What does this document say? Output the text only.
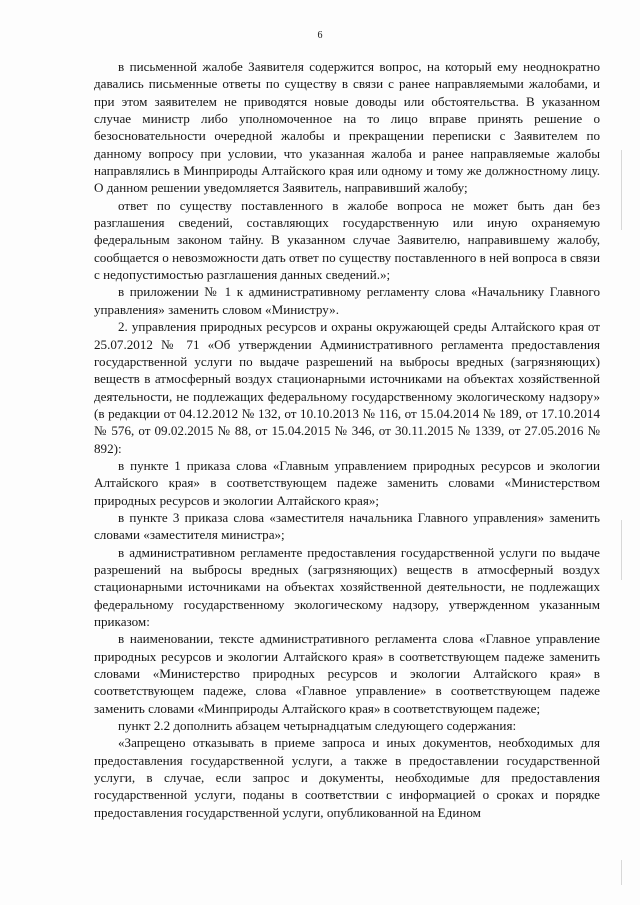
6

в письменной жалобе Заявителя содержится вопрос, на который ему неоднократно давались письменные ответы по существу в связи с ранее направляемыми жалобами, и при этом заявителем не приводятся новые доводы или обстоятельства. В указанном случае министр либо уполномоченное на то лицо вправе принять решение о безосновательности очередной жалобы и прекращении переписки с Заявителем по данному вопросу при условии, что указанная жалоба и ранее направляемые жалобы направлялись в Минприроды Алтайского края или одному и тому же должностному лицу. О данном решении уведомляется Заявитель, направивший жалобу;

ответ по существу поставленного в жалобе вопроса не может быть дан без разглашения сведений, составляющих государственную или иную охраняемую федеральным законом тайну. В указанном случае Заявителю, направившему жалобу, сообщается о невозможности дать ответ по существу поставленного в ней вопроса в связи с недопустимостью разглашения данных сведений.»;

в приложении № 1 к административному регламенту слова «Начальнику Главного управления» заменить словом «Министру».

2. управления природных ресурсов и охраны окружающей среды Алтайского края от 25.07.2012 № 71 «Об утверждении Административного регламента предоставления государственной услуги по выдаче разрешений на выбросы вредных (загрязняющих) веществ в атмосферный воздух стационарными источниками на объектах хозяйственной деятельности, не подлежащих федеральному государственному экологическому надзору» (в редакции от 04.12.2012 № 132, от 10.10.2013 № 116, от 15.04.2014 № 189, от 17.10.2014 № 576, от 09.02.2015 № 88, от 15.04.2015 № 346, от 30.11.2015 № 1339, от 27.05.2016 № 892):

в пункте 1 приказа слова «Главным управлением природных ресурсов и экологии Алтайского края» в соответствующем падеже заменить словами «Министерством природных ресурсов и экологии Алтайского края»;

в пункте 3 приказа слова «заместителя начальника Главного управления» заменить словами «заместителя министра»;

в административном регламенте предоставления государственной услуги по выдаче разрешений на выбросы вредных (загрязняющих) веществ в атмосферный воздух стационарными источниками на объектах хозяйственной деятельности, не подлежащих федеральному государственному экологическому надзору, утвержденном указанным приказом:

в наименовании, тексте административного регламента слова «Главное управление природных ресурсов и экологии Алтайского края» в соответствующем падеже заменить словами «Министерство природных ресурсов и экологии Алтайского края» в соответствующем падеже, слова «Главное управление» в соответствующем падеже заменить словами «Минприроды Алтайского края» в соответствующем падеже;

пункт 2.2 дополнить абзацем четырнадцатым следующего содержания:

«Запрещено отказывать в приеме запроса и иных документов, необходимых для предоставления государственной услуги, а также в предоставлении государственной услуги, в случае, если запрос и документы, необходимые для предоставления государственной услуги, поданы в соответствии с информацией о сроках и порядке предоставления государственной услуги, опубликованной на Едином
